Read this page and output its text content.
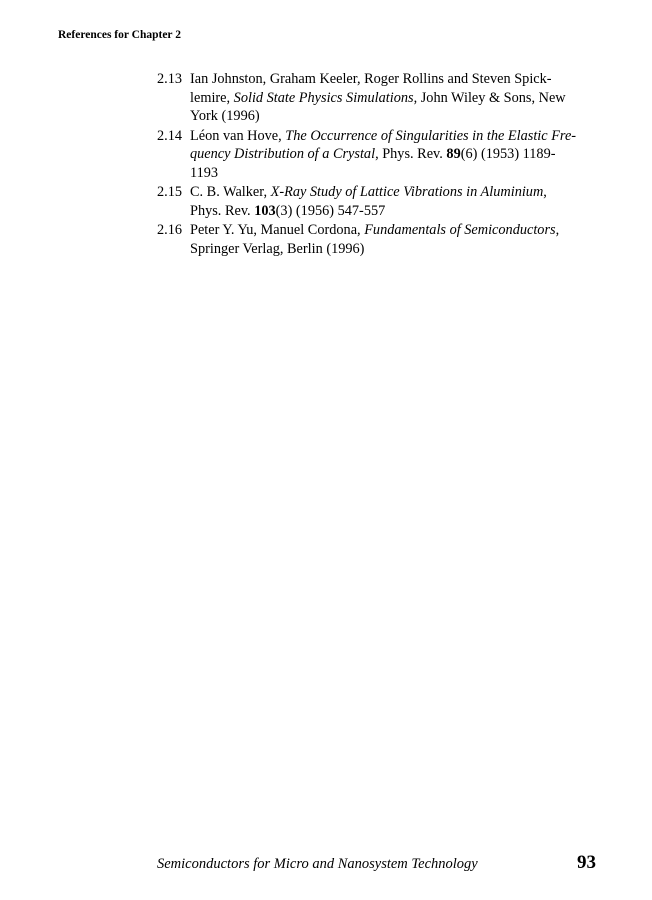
References for Chapter 2
2.13 Ian Johnston, Graham Keeler, Roger Rollins and Steven Spick-
lemire, Solid State Physics Simulations, John Wiley & Sons, New
York (1996)
2.14 Léon van Hove, The Occurrence of Singularities in the Elastic Fre-
quency Distribution of a Crystal, Phys. Rev. 89(6) (1953) 1189-
1193
2.15 C. B. Walker, X-Ray Study of Lattice Vibrations in Aluminium,
Phys. Rev. 103(3) (1956) 547-557
2.16 Peter Y. Yu, Manuel Cordona, Fundamentals of Semiconductors,
Springer Verlag, Berlin (1996)
Semiconductors for Micro and Nanosystem Technology	93
